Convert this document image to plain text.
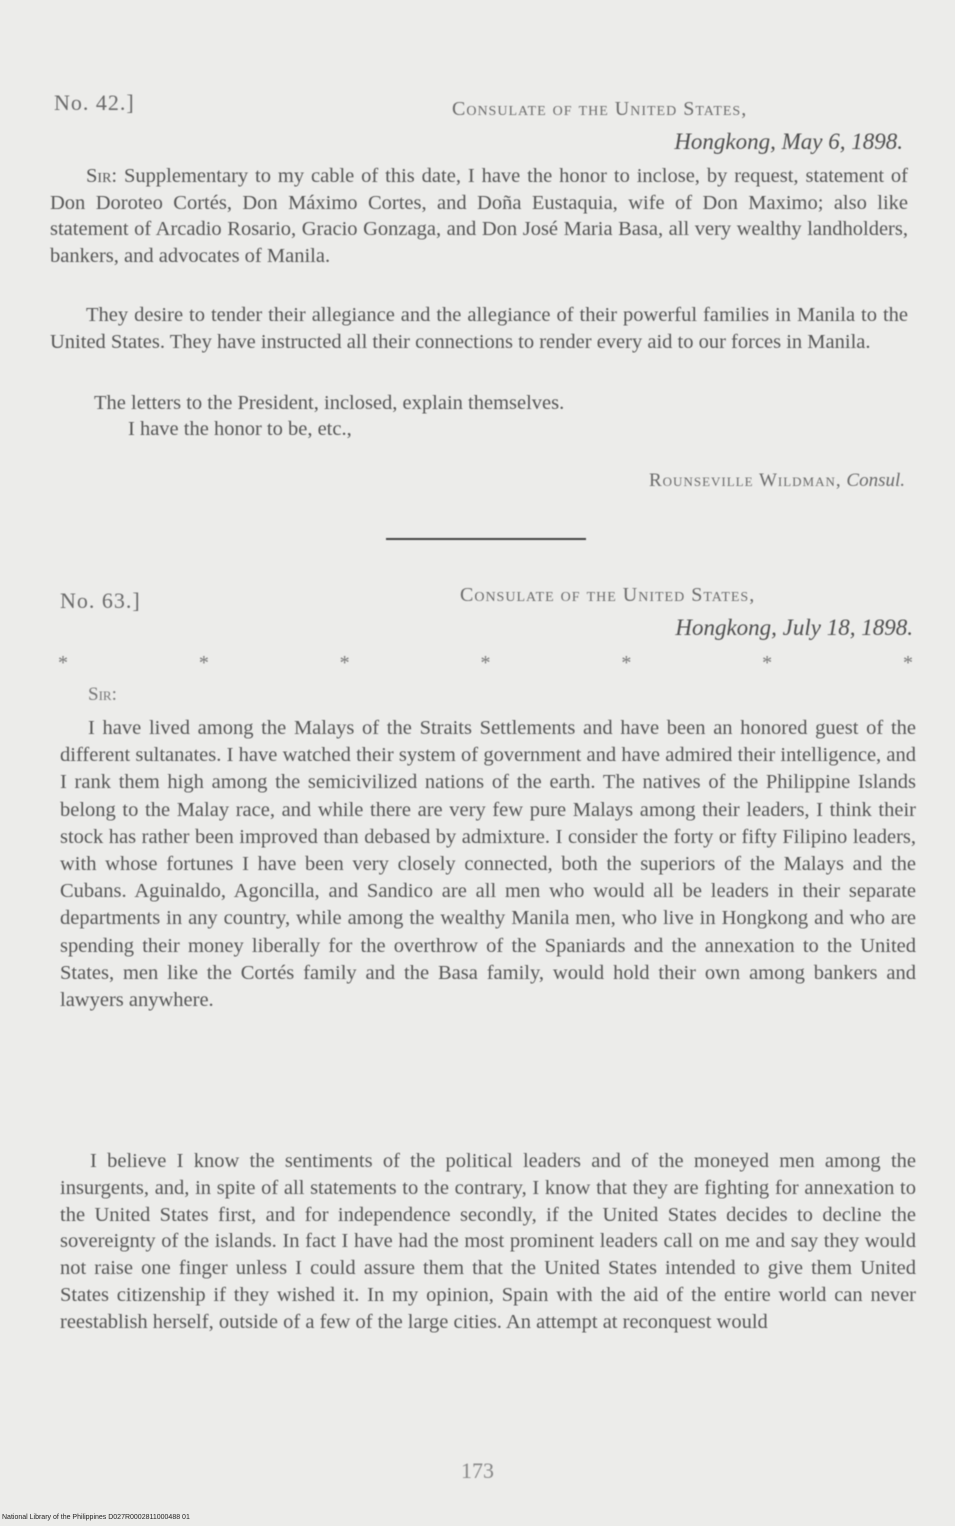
No. 42.]	Consulate of the United States,
Hongkong, May 6, 1898.
Sir: Supplementary to my cable of this date, I have the honor to inclose, by request, statement of Don Doroteo Cortés, Don Máximo Cortes, and Doña Eustaquia, wife of Don Maximo; also like statement of Arcadio Rosario, Gracio Gonzaga, and Don José Maria Basa, all very wealthy landholders, bankers, and advocates of Manila.
They desire to tender their allegiance and the allegiance of their powerful families in Manila to the United States. They have instructed all their connections to render every aid to our forces in Manila.
The letters to the President, inclosed, explain themselves.
I have the honor to be, etc.,
Rounseville Wildman, Consul.
No. 63.]	Consulate of the United States,
Hongkong, July 18, 1898.
*	*	*	*	*	*	*
Sir:
I have lived among the Malays of the Straits Settlements and have been an honored guest of the different sultanates. I have watched their system of government and have admired their intelligence, and I rank them high among the semicivilized nations of the earth. The natives of the Philippine Islands belong to the Malay race, and while there are very few pure Malays among their leaders, I think their stock has rather been improved than debased by admixture. I consider the forty or fifty Filipino leaders, with whose fortunes I have been very closely connected, both the superiors of the Malays and the Cubans. Aguinaldo, Agoncilla, and Sandico are all men who would all be leaders in their separate departments in any country, while among the wealthy Manila men, who live in Hongkong and who are spending their money liberally for the overthrow of the Spaniards and the annexation to the United States, men like the Cortés family and the Basa family, would hold their own among bankers and lawyers anywhere.
I believe I know the sentiments of the political leaders and of the moneyed men among the insurgents, and, in spite of all statements to the contrary, I know that they are fighting for annexation to the United States first, and for independence secondly, if the United States decides to decline the sovereignty of the islands. In fact I have had the most prominent leaders call on me and say they would not raise one finger unless I could assure them that the United States intended to give them United States citizenship if they wished it. In my opinion, Spain with the aid of the entire world can never reestablish herself, outside of a few of the large cities. An attempt at reconquest would
173
National Library of the Philippines D027R0002811000488 01
